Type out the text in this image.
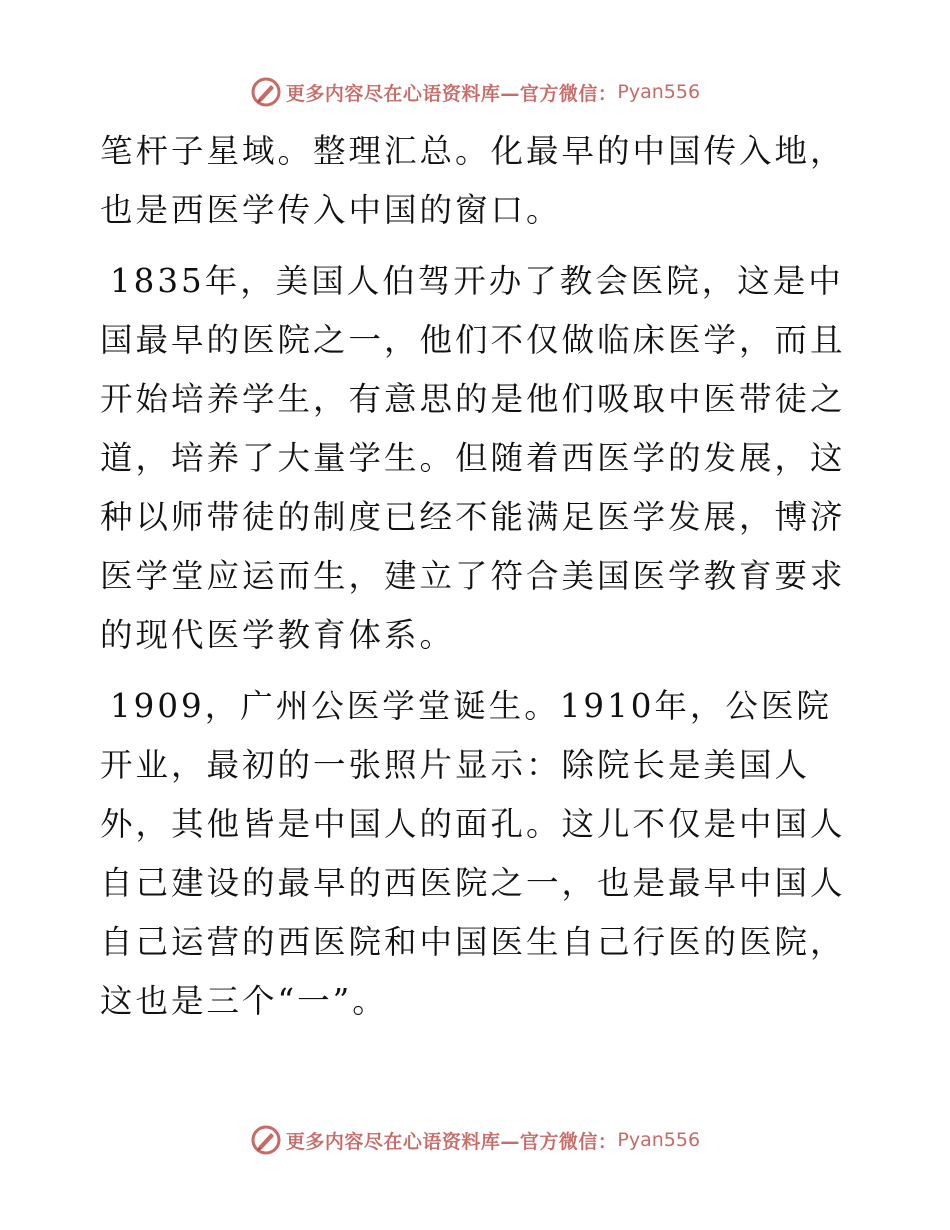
更多内容尽在心语资料库—官方微信： Pyan556

笔杆子星域。整理汇总。化最早的中国传入地，也是西医学传入中国的窗口。

1835年，美国人伯驾开办了教会医院，这是中国最早的医院之一，他们不仅做临床医学，而且开始培养学生，有意思的是他们吸取中医带徒之道，培养了大量学生。但随着西医学的发展，这种以师带徒的制度已经不能满足医学发展，博济医学堂应运而生，建立了符合美国医学教育要求的现代医学教育体系。

1909，广州公医学堂诞生。1910年，公医院开业，最初的一张照片显示：除院长是美国人外，其他皆是中国人的面孔。这儿不仅是中国人自己建设的最早的西医院之一，也是最早中国人自己运营的西医院和中国医生自己行医的医院，这也是三个“一”。

更多内容尽在心语资料库—官方微信： Pyan556
